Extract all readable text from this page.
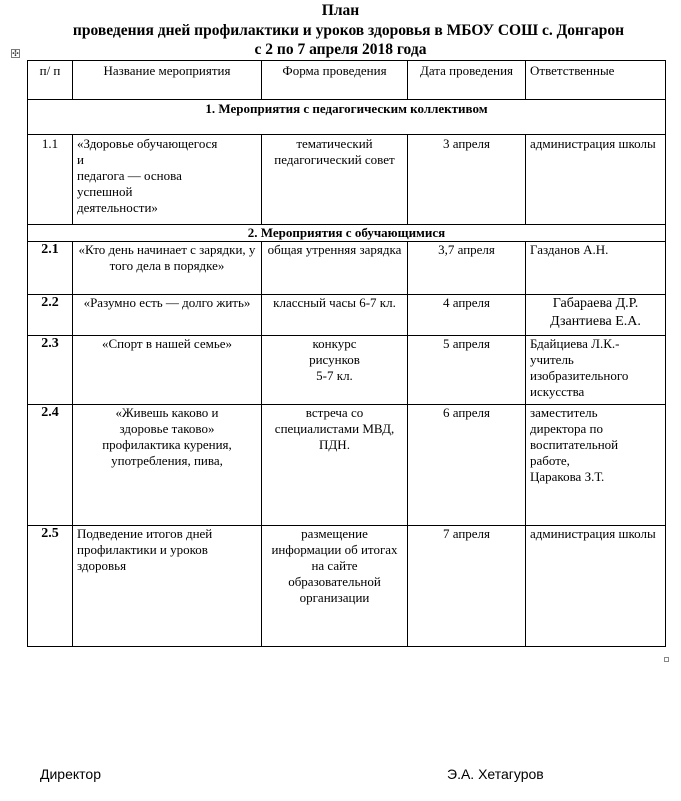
План
проведения дней профилактики и уроков здоровья в МБОУ СОШ с. Донгарон
с 2 по 7 апреля 2018 года
✣
п/ п	Название мероприятия	Форма проведения	Дата проведения	Ответственные
1. Мероприятия с педагогическим коллективом				
1.1	«Здоровье обучающегося
и
педагога — основа
успешной
деятельности»	тематический педагогический совет	3 апреля	администрация школы
2. Мероприятия с обучающимися				
2.1	«Кто день начинает с зарядки, у того дела в порядке»	общая утренняя зарядка	3,7 апреля	Газданов А.Н.
2.2	«Разумно есть — долго жить»	классный часы 6-7 кл.	4 апреля	Габараева Д.Р. Дзантиева Е.А.
2.3	«Спорт в нашей семье»	конкурс
рисунков
5-7 кл.	5 апреля	Бдайциева Л.К.- учитель изобразительного искусства
2.4	«Живешь каково и
здоровье таково»
профилактика курения,
употребления, пива,	встреча со специалистами МВД, ПДН.	6 апреля	заместитель
директора по
воспитательной
работе,
Царакова З.Т.
2.5	Подведение итогов дней профилактики и уроков здоровья	размещение информации об итогах на сайте образовательной организации	7 апреля	администрация школы
Директор	Э.А. Хетагуров
